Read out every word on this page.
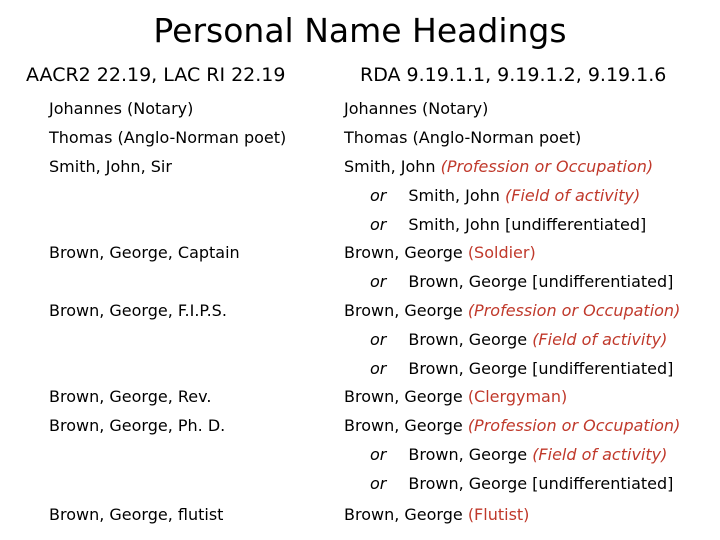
Personal Name Headings
AACR2 22.19, LAC RI 22.19	RDA 9.19.1.1, 9.19.1.2, 9.19.1.6
Johannes (Notary)
Thomas (Anglo-Norman poet)
Smith, John, Sir
Brown, George, Captain
Brown, George, F.I.P.S.
Brown, George, Rev.
Brown, George, Ph. D.
Brown, George, flutist
Johannes (Notary)
Thomas (Anglo-Norman poet)
Smith, John (Profession or Occupation)
or Smith, John (Field of activity)
or Smith, John [undifferentiated]
Brown, George (Soldier)
or Brown, George [undifferentiated]
Brown, George (Profession or Occupation)
or Brown, George (Field of activity)
or Brown, George [undifferentiated]
Brown, George (Clergyman)
Brown, George (Profession or Occupation)
or Brown, George (Field of activity)
or Brown, George [undifferentiated]
Brown, George (Flutist)
